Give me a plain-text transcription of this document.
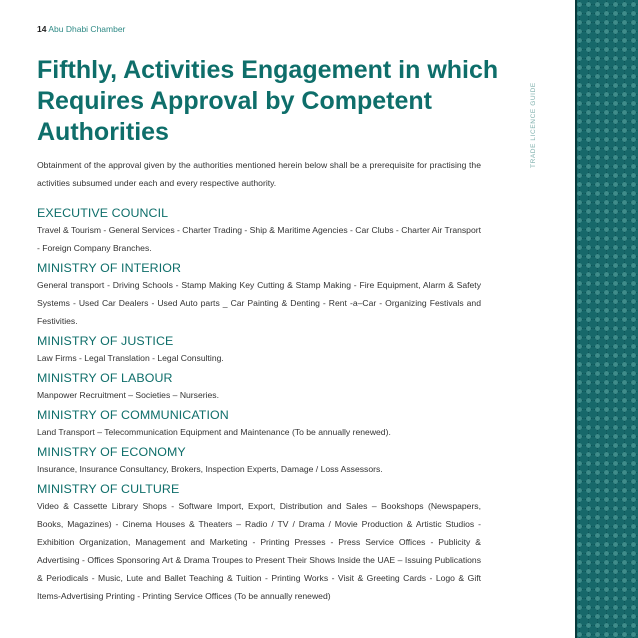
14 Abu Dhabi Chamber
Fifthly, Activities Engagement in which Requires Approval by Competent Authorities
Obtainment of the approval given by the authorities mentioned herein below shall be a prerequisite for practising the activities subsumed under each and every respective authority.
EXECUTIVE COUNCIL
Travel & Tourism - General Services - Charter Trading - Ship & Maritime Agencies - Car Clubs - Charter Air Transport - Foreign Company Branches.
MINISTRY OF INTERIOR
General transport - Driving Schools - Stamp Making Key Cutting & Stamp Making - Fire Equipment, Alarm & Safety Systems - Used Car Dealers - Used Auto parts _ Car Painting & Denting - Rent -a–Car - Organizing Festivals and Festivities.
MINISTRY OF JUSTICE
Law Firms - Legal Translation - Legal Consulting.
MINISTRY OF LABOUR
Manpower Recruitment – Societies – Nurseries.
MINISTRY OF COMMUNICATION
Land Transport – Telecommunication Equipment and Maintenance (To be annually renewed).
MINISTRY OF ECONOMY
Insurance, Insurance Consultancy, Brokers, Inspection Experts, Damage / Loss Assessors.
MINISTRY OF CULTURE
Video & Cassette Library Shops - Software Import, Export, Distribution and Sales – Bookshops (Newspapers, Books, Magazines) - Cinema Houses & Theaters – Radio / TV / Drama / Movie Production & Artistic Studios - Exhibition Organization, Management and Marketing - Printing Presses - Press Service Offices - Publicity & Advertising - Offices Sponsoring Art & Drama Troupes to Present Their Shows Inside the UAE – Issuing Publications & Periodicals - Music, Lute and Ballet Teaching & Tuition - Printing Works - Visit & Greeting Cards - Logo & Gift Items-Advertising Printing - Printing Service Offices (To be annually renewed)
TRADE LICENCE GUIDE
